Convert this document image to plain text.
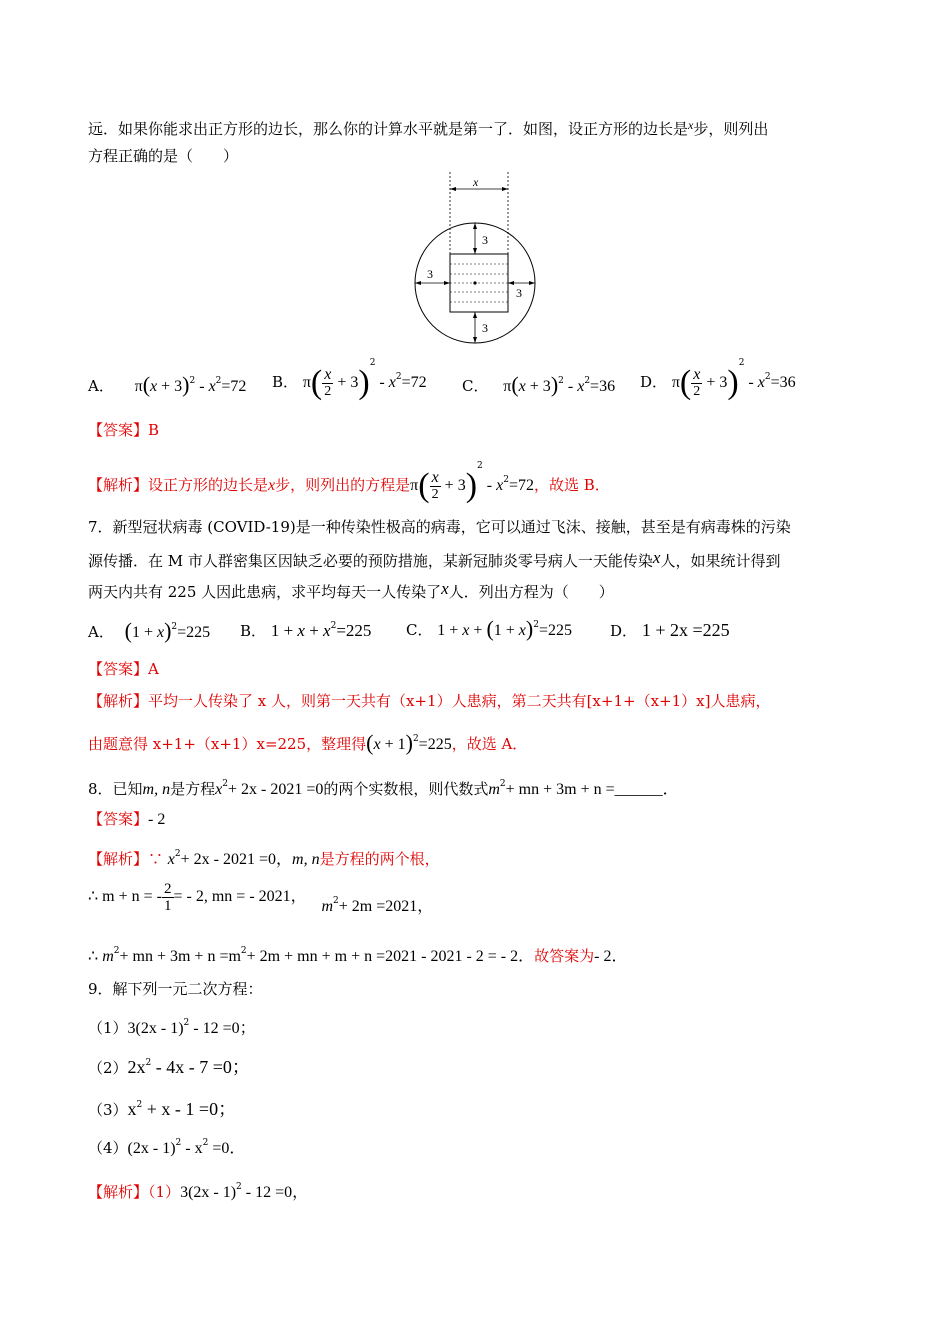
远．如果你能求出正方形的边长，那么你的计算水平就是第一了．如图，设正方形的边长是$^x$步，则列出
方程正确的是（　　）
x
3
3
3
3
A． $\pi(x + 3)^2 - x^2=72$ B． $\pi( \frac{x}{2} + 3)^2 - x^2=72$ C． $\pi(x + 3)^2 - x^2=36$ D． $\pi( \frac{x}{2} + 3)^2 - x^2=36$
【答案】B
【解析】设正方形的边长是x步，则列出的方程是$\pi( \frac{x}{2} + 3)^2 - x^2=72$，故选 B．
7．新型冠状病毒 (COVID-19)是一种传染性极高的病毒，它可以通过飞沫、接触，甚至是有病毒株的污染
源传播．在 M 市人群密集区因缺乏必要的预防措施，某新冠肺炎零号病人一天能传染x人，如果统计得到
两天内共有 225 人因此患病，求平均每天一人传染了x人．列出方程为（　　）
A． $(1 + x)^2=225$ B． $1 + x + x^2=225$ C． $1 + x + (1 + x)^2=225$	D． 1 + 2x =225
【答案】A
【解析】平均一人传染了 x 人，则第一天共有（x+1）人患病，第二天共有[x+1+（x+1）x]人患病，
由题意得 x+1+（x+1）x=225，整理得$(x + 1)^2=225$，故选 A．
8．已知m, n是方程$x^2+ 2x - 2021 =0$的两个实数根，则代数式$m^2+$ mn + 3m + n =______．
【答案】- 2
【解析】∵ $x^2+ 2x - 2021 =0$，m, n是方程的两个根，
∴ m + n = - $\frac{2}{1}$ = - 2, mn = - 2021， $m^2+ 2m =2021$，
∴ $m^2+$ mn + $3m + n =m^2+ 2m$ + mn + m + n =2021 - 2021 - 2 = - 2．故答案为- 2．
9．解下列一元二次方程：
（1）3(2x - 1)$^2$ - 12 =0；
$(2)2x^2 - 4x - 7 =0$；
$(3)x^2 + x - 1 =0$；
$(4)(2x - 1)^2 - x^2 =0$．
【解析】（1）3(2x - 1)$^2$ - 12 =0，
